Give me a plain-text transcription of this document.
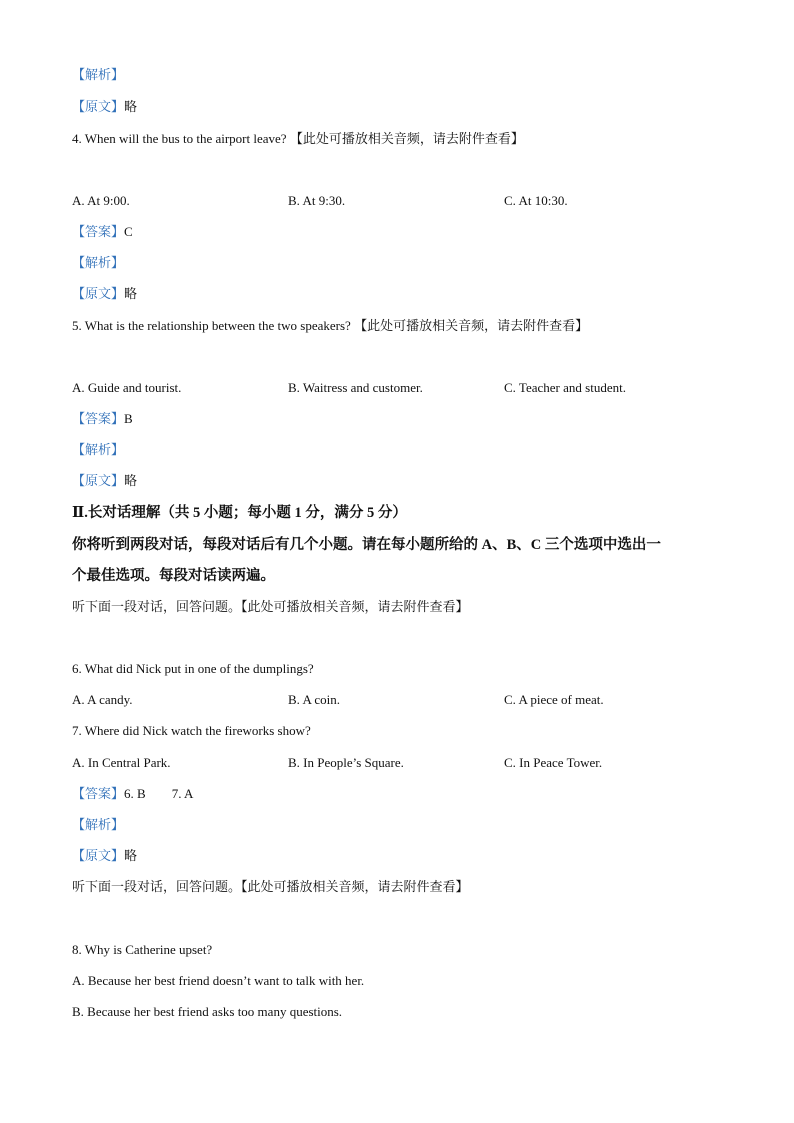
【解析】
【原文】略
4. When will the bus to the airport leave? 【此处可播放相关音频，请去附件查看】
A. At 9:00.	B. At 9:30.	C. At 10:30.
【答案】C
【解析】
【原文】略
5. What is the relationship between the two speakers? 【此处可播放相关音频，请去附件查看】
A. Guide and tourist.	B. Waitress and customer.	C. Teacher and student.
【答案】B
【解析】
【原文】略
Ⅱ.长对话理解（共 5 小题；每小题 1 分，满分 5 分）
你将听到两段对话，每段对话后有几个小题。请在每小题所给的 A、B、C 三个选项中选出一
个最佳选项。每段对话读两遍。
听下面一段对话，回答问题。【此处可播放相关音频，请去附件查看】
6. What did Nick put in one of the dumplings?
A. A candy.	B. A coin.	C. A piece of meat.
7. Where did Nick watch the fireworks show?
A. In Central Park.	B. In People’s Square.	C. In Peace Tower.
【答案】6. B 7. A
【解析】
【原文】略
听下面一段对话，回答问题。【此处可播放相关音频，请去附件查看】
8. Why is Catherine upset?
A. Because her best friend doesn’t want to talk with her.
B. Because her best friend asks too many questions.
